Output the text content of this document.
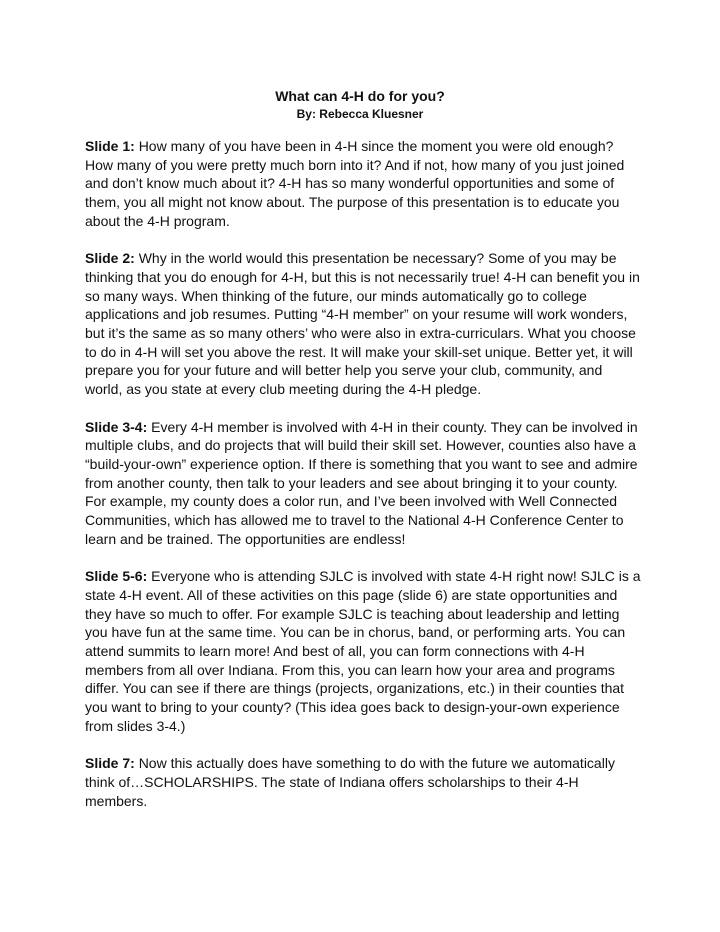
What can 4-H do for you?
By: Rebecca Kluesner

Slide 1: How many of you have been in 4-H since the moment you were old enough? How many of you were pretty much born into it? And if not, how many of you just joined and don’t know much about it? 4-H has so many wonderful opportunities and some of them, you all might not know about. The purpose of this presentation is to educate you about the 4-H program.

Slide 2: Why in the world would this presentation be necessary? Some of you may be thinking that you do enough for 4-H, but this is not necessarily true! 4-H can benefit you in so many ways. When thinking of the future, our minds automatically go to college applications and job resumes. Putting “4-H member” on your resume will work wonders, but it’s the same as so many others’ who were also in extra-curriculars. What you choose to do in 4-H will set you above the rest. It will make your skill-set unique. Better yet, it will prepare you for your future and will better help you serve your club, community, and world, as you state at every club meeting during the 4-H pledge.

Slide 3-4: Every 4-H member is involved with 4-H in their county. They can be involved in multiple clubs, and do projects that will build their skill set. However, counties also have a “build-your-own” experience option. If there is something that you want to see and admire from another county, then talk to your leaders and see about bringing it to your county. For example, my county does a color run, and I’ve been involved with Well Connected Communities, which has allowed me to travel to the National 4-H Conference Center to learn and be trained. The opportunities are endless!

Slide 5-6: Everyone who is attending SJLC is involved with state 4-H right now! SJLC is a state 4-H event. All of these activities on this page (slide 6) are state opportunities and they have so much to offer. For example SJLC is teaching about leadership and letting you have fun at the same time. You can be in chorus, band, or performing arts. You can attend summits to learn more! And best of all, you can form connections with 4-H members from all over Indiana. From this, you can learn how your area and programs differ. You can see if there are things (projects, organizations, etc.) in their counties that you want to bring to your county? (This idea goes back to design-your-own experience from slides 3-4.)

Slide 7: Now this actually does have something to do with the future we automatically think of…SCHOLARSHIPS. The state of Indiana offers scholarships to their 4-H members.
